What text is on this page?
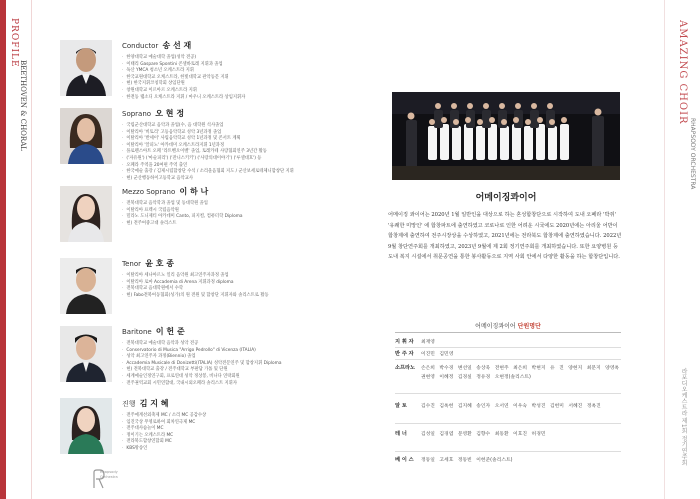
PROFILE
BEETHOVEN & CHORAL	AMAZING CHOIR
RHAPSODY ORCHESTRA
라포디오케스트라 제1회 정기연주회
Conductor 송 선 재
· 한양대학교 예술대학 졸업(성악 전공)
· 이태리 Gaspare Spontini 콘셀바토레 지휘과 졸업
· 독산 YMCA 청소년 오케스트라 지휘
· 한국교원대학교 오케스트라, 한빛대학교 관악동문 지휘
· 현) 한국지휘코칭학회 상임단원
· 창원대학교 이르아르 오케스트라 지휘
· 한전동 랩소디 오케스트라 지휘 / 마우니 오케스트라 상임지휘자
Soprano 오 현 정
· 국립군산대학교 음악과 졸업(수, 음 대학원 석사졸업
· 이탈리아 '비토리' 고등음악학교 성악 3년과정 졸업
· 이탈리아 '반세이' 사립음악학교 성악 1년과정 및 콘서트 계획
· 이탈리아 '알피노' 아카데미 오케스트라지휘 1년과정
· 플로렌스아트 오페 '라트벤오이벨' 졸업, 토레카테 사랑협회연주 3년간 활동
· ('자유원') ('마술피리') ('잔니스키키') ('사랑의대이야기') ('루셀대호') 등
· 오페라 주역을 20여편 주역 출연
· 한국예술 출강 / 김제시립합창단 수석 / 소리울음협회 지도 / 군산보세로테체니합창단 지휘
· 현) 군산행동하이고등학교 음악교사
Mezzo Soprano 이 하 나
· 전북대학교 음악학과 졸업 및 동대학원 졸업
· 이탈리아 프렉시 국립음악원
· 밀라노 도니제티 아카데미 Canto, 피지컬, 컴퓨터학 Diploma
· 현) 전주여중고대 솔리스트
Tenor 윤 호 종
· 이탈리아 세나아르노 일리 음악원 최고연주자과정 졸업
· 이탈리아 로마 Accademia di Arena 지휘과정 diploma
· 전북대학교 음대학원에서 수학
· 현) Fabo전북여동협회(성가)의 원 전원 및 합창단 지휘자와 솔리스트로 활동
Baritone 이 헌 준
· 전북대학교 예술대학 음악과 성악 전공
· Conservatorio di Musica "Arrigo Pedrollo" di Vicenza (ITALIA)
· 성악 최고연주자 과정(Biennio) 졸업
· Accademia Musicale di Donizetti(ITALIA) 성악전문연주 및 합창지휘 Diploma
· 현) 전북대학교 출강 / 전주대학교 부판담 가톨 및 단원
· 세계예술인정연구회, 프로연대 성악 정상봉, 비나다 연락회원
· 전주권역교회 시민연합대, 국내시외오페라 솔리스트 지휘자
진행 김 지 혜
· 전주예계선외축제 MC / 소리 MC 공감수상
· 임진국상 무영로하여 회차연극제 MC
· 전주대사슴놀이 MC
· 정이기는 오케스트라 MC
· 전라북도합창연합회 MC
· KBS방송인
어메이징콰이어
어메이징 콰이어는 2020년 1월 일반인을 대상으로 하는 혼성합창단으로 시작하여 도내 오페라 '박쥐' '유쾌한 미망인' 에 합창파트에 출연하였고 코로나로 인한 어려운 시국에도 2020년에는 아리울 어반이 합창제에 출연하여 전주시장상을 수상하였고, 2021년에는 전라북도 합창제에 출연하였습니다. 2022년 9월 창단연주회를 개최하였고, 2023년 9월에 제 2회 정기연주회를 개최하였습니다. 또한 요양병원 등 도내 복지 시설에서 취문공연을 통한 봉사활동으로 지역 사회 안에서 다양한 활동을 하는 합창단입니다.
어메이징콰이어 단원명단
지 휘 자	최재영
반 주 자	이진민 김민영
소프라노	손은희 박수경 변선일 송상욱 전현주 최은희 박현지 유 진 양현지 최문지 양영옥 권현영 이혜정 김경실 정유경 오현정(솔리스트)
알 토	김수진 김옥헌 김지혜 송인자 오서연 이우숙 박성진 김헌미 서혜진 정옥진
테 너	김성일 김경엽 문영환 김향수 최동환 이호진 허경민
베 이 스	정동일 고세호 정동빈 이헌준(솔리스트)
Rhapsody
Orchestra
